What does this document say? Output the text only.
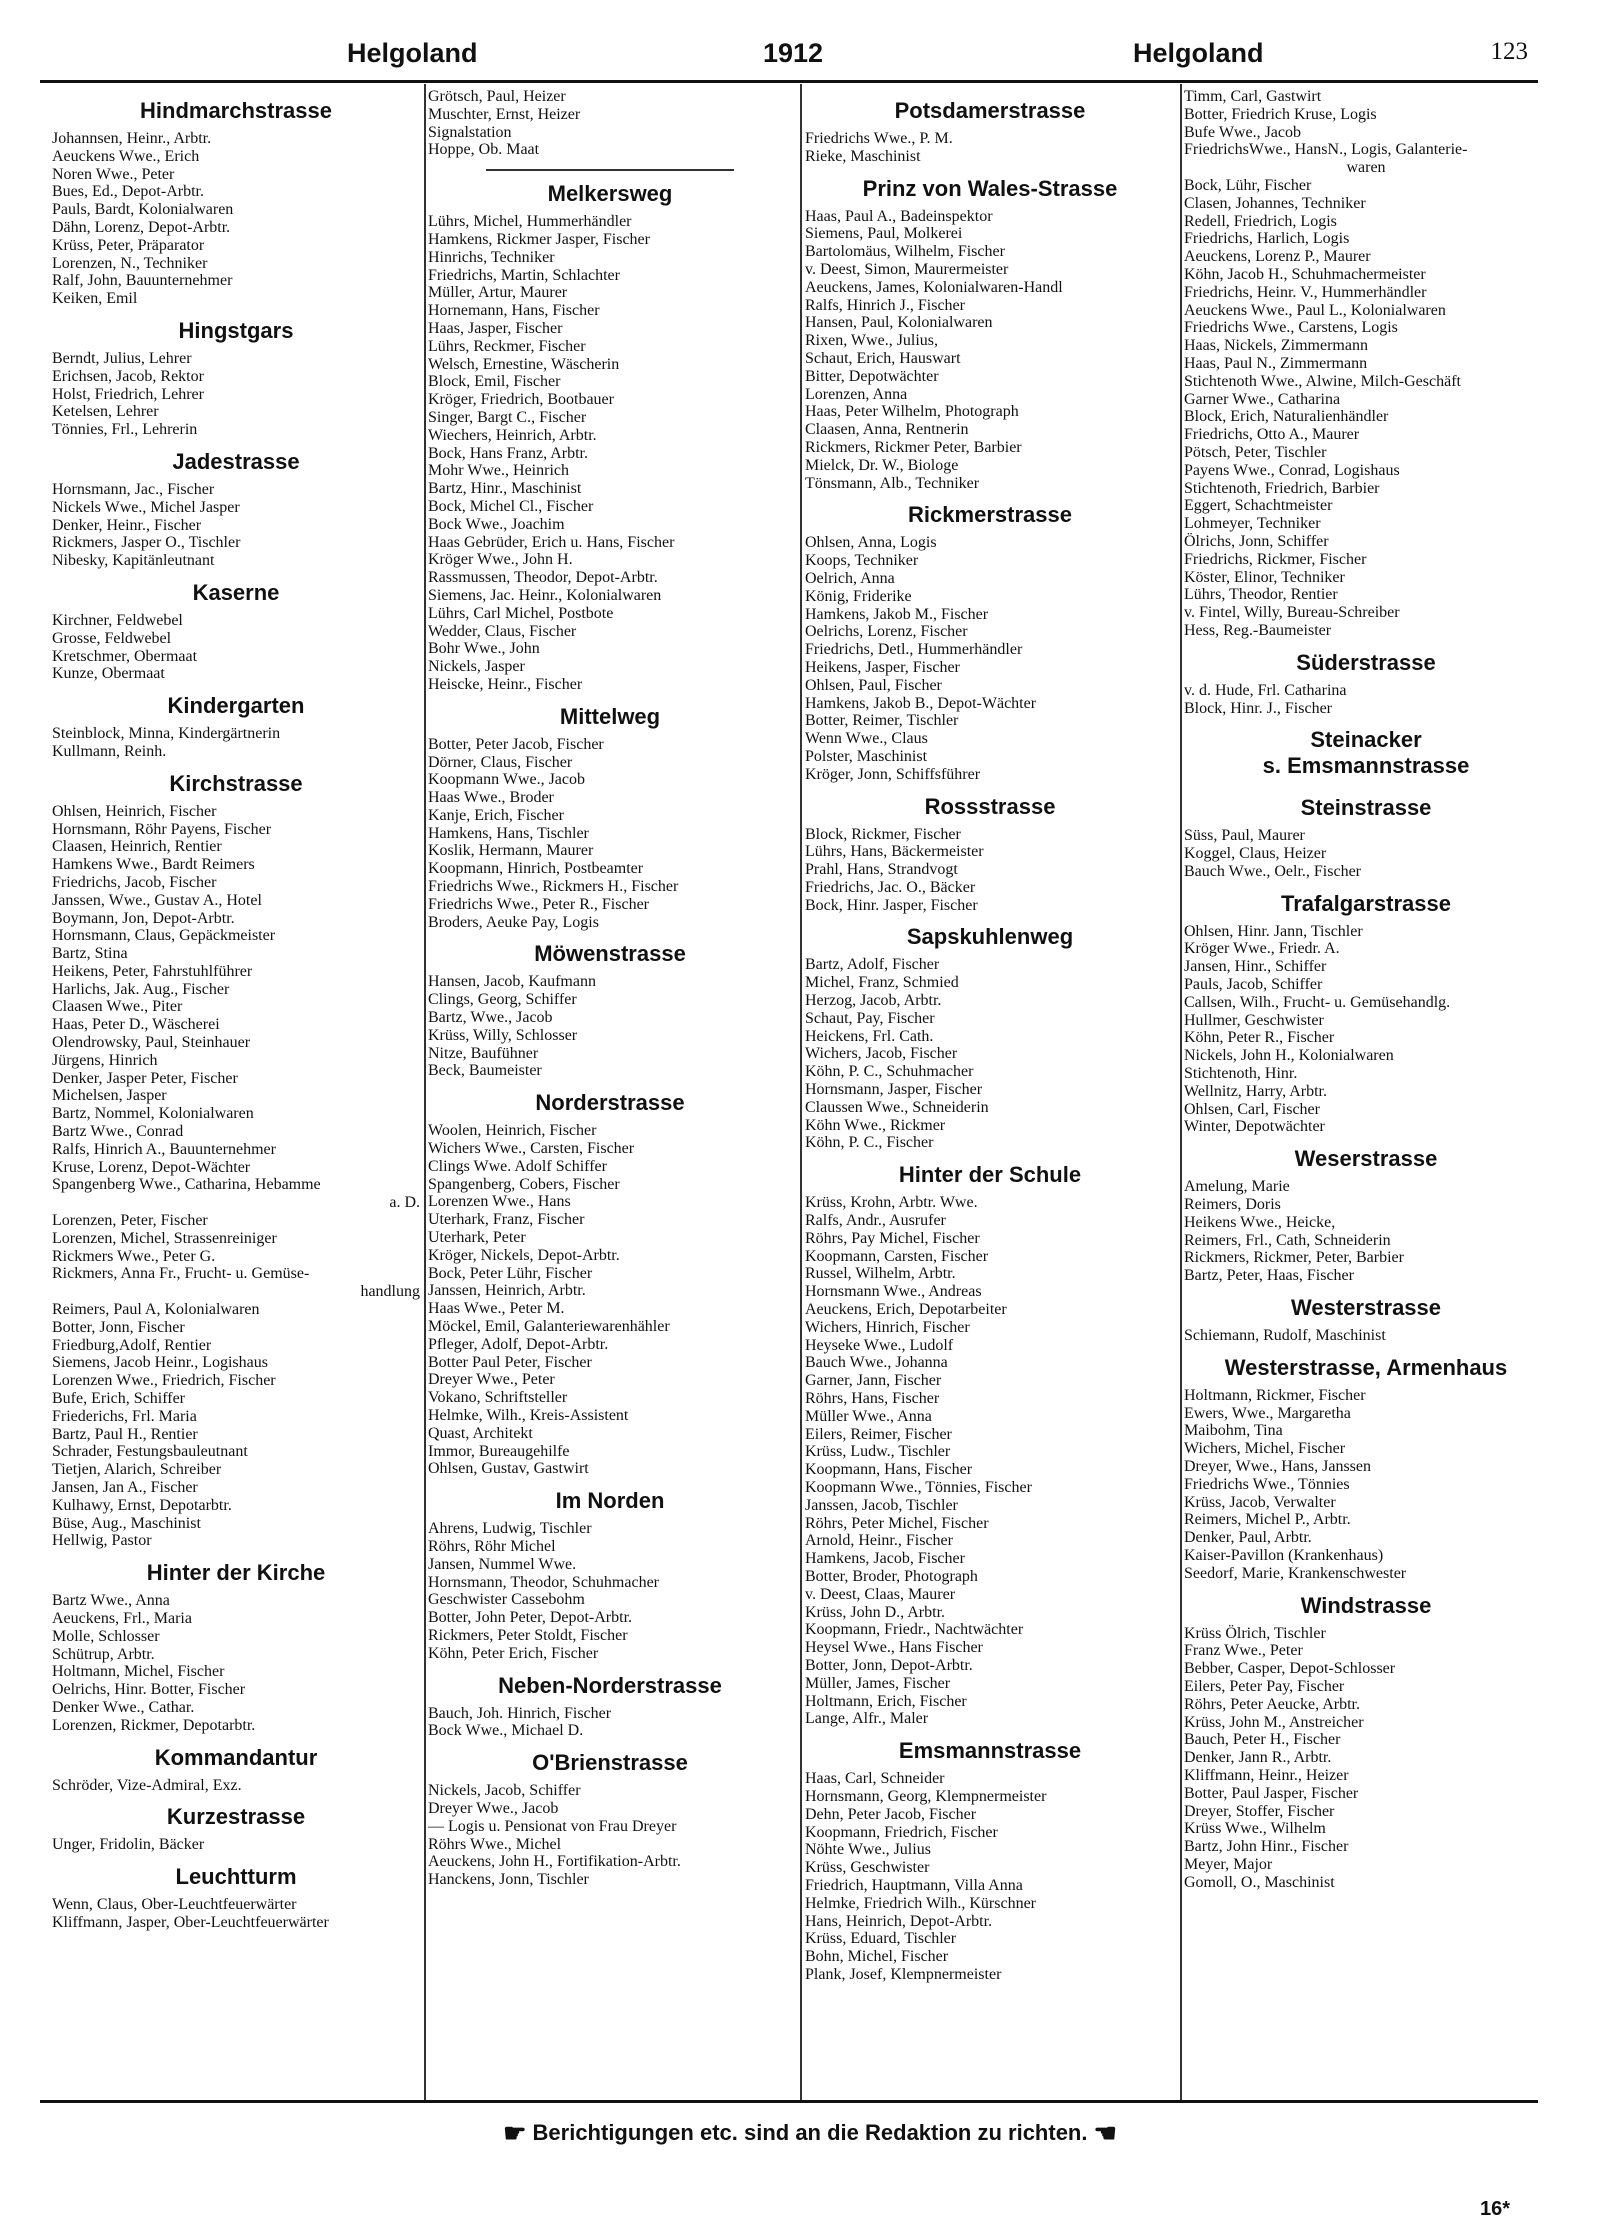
Helgoland	1912	Helgoland	123
Hindmarchstrasse
Johannsen, Heinr., Arbtr.
Aeuckens Wwe., Erich
Noren Wwe., Peter
Bues, Ed., Depot-Arbtr.
Pauls, Bardt, Kolonialwaren
Dähn, Lorenz, Depot-Arbtr.
Krüss, Peter, Präparator
Lorenzen, N., Techniker
Ralf, John, Bauunternehmer
Keiken, Emil
Hingstgars
Berndt, Julius, Lehrer
Erichsen, Jacob, Rektor
Holst, Friedrich, Lehrer
Ketelsen, Lehrer
Tönnies, Frl., Lehrerin
Jadestrasse
Hornsmann, Jac., Fischer
Nickels Wwe., Michel Jasper
Denker, Heinr., Fischer
Rickmers, Jasper O., Tischler
Nibesky, Kapitänleutnant
Kaserne
Kirchner, Feldwebel
Grosse, Feldwebel
Kretschmer, Obermaat
Kunze, Obermaat
Kindergarten
Steinblock, Minna, Kindergärtnerin
Kullmann, Reinh.
Kirchstrasse
Ohlsen, Heinrich, Fischer
Hornsmann, Röhr Payens, Fischer
Claasen, Heinrich, Rentier
Hamkens Wwe., Bardt Reimers
Friedrichs, Jacob, Fischer
Janssen, Wwe., Gustav A., Hotel
Boymann, Jon, Depot-Arbtr.
Hornsmann, Claus, Gepäckmeister
Bartz, Stina
Heikens, Peter, Fahrstuhlführer
Harlichs, Jak. Aug., Fischer
Claasen Wwe., Piter
Haas, Peter D., Wäscherei
Olendrowsky, Paul, Steinhauer
Jürgens, Hinrich
Denker, Jasper Peter, Fischer
Michelsen, Jasper
Bartz, Nommel, Kolonialwaren
Bartz Wwe., Conrad
Ralfs, Hinrich A., Bauunternehmer
Kruse, Lorenz, Depot-Wächter
Spangenberg Wwe., Catharina, Hebamme
a. D.
Lorenzen, Peter, Fischer
Lorenzen, Michel, Strassenreiniger
Rickmers Wwe., Peter G.
Rickmers, Anna Fr., Frucht- u. Gemüse-
handlung
Reimers, Paul A, Kolonialwaren
Botter, Jonn, Fischer
Friedburg,Adolf, Rentier
Siemens, Jacob Heinr., Logishaus
Lorenzen Wwe., Friedrich, Fischer
Bufe, Erich, Schiffer
Friederichs, Frl. Maria
Bartz, Paul H., Rentier
Schrader, Festungsbauleutnant
Tietjen, Alarich, Schreiber
Jansen, Jan A., Fischer
Kulhawy, Ernst, Depotarbtr.
Büse, Aug., Maschinist
Hellwig, Pastor
Hinter der Kirche
Bartz Wwe., Anna
Aeuckens, Frl., Maria
Molle, Schlosser
Schütrup, Arbtr.
Holtmann, Michel, Fischer
Oelrichs, Hinr. Botter, Fischer
Denker Wwe., Cathar.
Lorenzen, Rickmer, Depotarbtr.
Kommandantur
Schröder, Vize-Admiral, Exz.
Kurzestrasse
Unger, Fridolin, Bäcker
Leuchtturm
Wenn, Claus, Ober-Leuchtfeuerwärter
Kliffmann, Jasper, Ober-Leuchtfeuerwärter
Grötsch, Paul, Heizer
Muschter, Ernst, Heizer
Signalstation
Hoppe, Ob. Maat
Melkersweg
Lührs, Michel, Hummerhändler
Hamkens, Rickmer Jasper, Fischer
Hinrichs, Techniker
Friedrichs, Martin, Schlachter
Müller, Artur, Maurer
Hornemann, Hans, Fischer
Haas, Jasper, Fischer
Lührs, Reckmer, Fischer
Welsch, Ernestine, Wäscherin
Block, Emil, Fischer
Kröger, Friedrich, Bootbauer
Singer, Bargt C., Fischer
Wiechers, Heinrich, Arbtr.
Bock, Hans Franz, Arbtr.
Mohr Wwe., Heinrich
Bartz, Hinr., Maschinist
Bock, Michel Cl., Fischer
Bock Wwe., Joachim
Haas Gebrüder, Erich u. Hans, Fischer
Kröger Wwe., John H.
Rassmussen, Theodor, Depot-Arbtr.
Siemens, Jac. Heinr., Kolonialwaren
Lührs, Carl Michel, Postbote
Wedder, Claus, Fischer
Bohr Wwe., John
Nickels, Jasper
Heiscke, Heinr., Fischer
Mittelweg
Botter, Peter Jacob, Fischer
Dörner, Claus, Fischer
Koopmann Wwe., Jacob
Haas Wwe., Broder
Kanje, Erich, Fischer
Hamkens, Hans, Tischler
Koslik, Hermann, Maurer
Koopmann, Hinrich, Postbeamter
Friedrichs Wwe., Rickmers H., Fischer
Friedrichs Wwe., Peter R., Fischer
Broders, Aeuke Pay, Logis
Möwenstrasse
Hansen, Jacob, Kaufmann
Clings, Georg, Schiffer
Bartz, Wwe., Jacob
Krüss, Willy, Schlosser
Nitze, Baufühner
Beck, Baumeister
Norderstrasse
Woolen, Heinrich, Fischer
Wichers Wwe., Carsten, Fischer
Clings Wwe. Adolf Schiffer
Spangenberg, Cobers, Fischer
Lorenzen Wwe., Hans
Uterhark, Franz, Fischer
Uterhark, Peter
Kröger, Nickels, Depot-Arbtr.
Bock, Peter Lühr, Fischer
Janssen, Heinrich, Arbtr.
Haas Wwe., Peter M.
Möckel, Emil, Galanteriewarenhähler
Pfleger, Adolf, Depot-Arbtr.
Botter Paul Peter, Fischer
Dreyer Wwe., Peter
Vokano, Schriftsteller
Helmke, Wilh., Kreis-Assistent
Quast, Architekt
Immor, Bureaugehilfe
Ohlsen, Gustav, Gastwirt
Im Norden
Ahrens, Ludwig, Tischler
Röhrs, Röhr Michel
Jansen, Nummel Wwe.
Hornsmann, Theodor, Schuhmacher
Geschwister Cassebohm
Botter, John Peter, Depot-Arbtr.
Rickmers, Peter Stoldt, Fischer
Köhn, Peter Erich, Fischer
Neben-Norderstrasse
Bauch, Joh. Hinrich, Fischer
Bock Wwe., Michael D.
O'Brienstrasse
Nickels, Jacob, Schiffer
Dreyer Wwe., Jacob
— Logis u. Pensionat von Frau Dreyer
Röhrs Wwe., Michel
Aeuckens, John H., Fortifikation-Arbtr.
Hanckens, Jonn, Tischler
Potsdamerstrasse
Friedrichs Wwe., P. M.
Rieke, Maschinist
Prinz von Wales-Strasse
Haas, Paul A., Badeinspektor
Siemens, Paul, Molkerei
Bartolomäus, Wilhelm, Fischer
v. Deest, Simon, Maurermeister
Aeuckens, James, Kolonialwaren-Handl
Ralfs, Hinrich J., Fischer
Hansen, Paul, Kolonialwaren
Rixen, Wwe., Julius,
Schaut, Erich, Hauswart
Bitter, Depotwächter
Lorenzen, Anna
Haas, Peter Wilhelm, Photograph
Claasen, Anna, Rentnerin
Rickmers, Rickmer Peter, Barbier
Mielck, Dr. W., Biologe
Tönsmann, Alb., Techniker
Rickmerstrasse
Ohlsen, Anna, Logis
Koops, Techniker
Oelrich, Anna
König, Friderike
Hamkens, Jakob M., Fischer
Oelrichs, Lorenz, Fischer
Friedrichs, Detl., Hummerhändler
Heikens, Jasper, Fischer
Ohlsen, Paul, Fischer
Hamkens, Jakob B., Depot-Wächter
Botter, Reimer, Tischler
Wenn Wwe., Claus
Polster, Maschinist
Kröger, Jonn, Schiffsführer
Rossstrasse
Block, Rickmer, Fischer
Lührs, Hans, Bäckermeister
Prahl, Hans, Strandvogt
Friedrichs, Jac. O., Bäcker
Bock, Hinr. Jasper, Fischer
Sapskuhlenweg
Bartz, Adolf, Fischer
Michel, Franz, Schmied
Herzog, Jacob, Arbtr.
Schaut, Pay, Fischer
Heickens, Frl. Cath.
Wichers, Jacob, Fischer
Köhn, P. C., Schuhmacher
Hornsmann, Jasper, Fischer
Claussen Wwe., Schneiderin
Köhn Wwe., Rickmer
Köhn, P. C., Fischer
Hinter der Schule
Krüss, Krohn, Arbtr. Wwe.
Ralfs, Andr., Ausrufer
Röhrs, Pay Michel, Fischer
Koopmann, Carsten, Fischer
Russel, Wilhelm, Arbtr.
Hornsmann Wwe., Andreas
Aeuckens, Erich, Depotarbeiter
Wichers, Hinrich, Fischer
Heyseke Wwe., Ludolf
Bauch Wwe., Johanna
Garner, Jann, Fischer
Röhrs, Hans, Fischer
Müller Wwe., Anna
Eilers, Reimer, Fischer
Krüss, Ludw., Tischler
Koopmann, Hans, Fischer
Koopmann Wwe., Tönnies, Fischer
Janssen, Jacob, Tischler
Röhrs, Peter Michel, Fischer
Arnold, Heinr., Fischer
Hamkens, Jacob, Fischer
Botter, Broder, Photograph
v. Deest, Claas, Maurer
Krüss, John D., Arbtr.
Koopmann, Friedr., Nachtwächter
Heysel Wwe., Hans Fischer
Botter, Jonn, Depot-Arbtr.
Müller, James, Fischer
Holtmann, Erich, Fischer
Lange, Alfr., Maler
Emsmannstrasse
Haas, Carl, Schneider
Hornsmann, Georg, Klempnermeister
Dehn, Peter Jacob, Fischer
Koopmann, Friedrich, Fischer
Nöhte Wwe., Julius
Krüss, Geschwister
Friedrich, Hauptmann, Villa Anna
Helmke, Friedrich Wilh., Kürschner
Hans, Heinrich, Depot-Arbtr.
Krüss, Eduard, Tischler
Bohn, Michel, Fischer
Plank, Josef, Klempnermeister
Timm, Carl, Gastwirt
Botter, Friedrich Kruse, Logis
Bufe Wwe., Jacob
FriedrichsWwe., HansN., Logis, Galanterie-
waren
Bock, Lühr, Fischer
Clasen, Johannes, Techniker
Redell, Friedrich, Logis
Friedrichs, Harlich, Logis
Aeuckens, Lorenz P., Maurer
Köhn, Jacob H., Schuhmachermeister
Friedrichs, Heinr. V., Hummerhändler
Aeuckens Wwe., Paul L., Kolonialwaren
Friedrichs Wwe., Carstens, Logis
Haas, Nickels, Zimmermann
Haas, Paul N., Zimmermann
Stichtenoth Wwe., Alwine, Milch-Geschäft
Garner Wwe., Catharina
Block, Erich, Naturalienhändler
Friedrichs, Otto A., Maurer
Pötsch, Peter, Tischler
Payens Wwe., Conrad, Logishaus
Stichtenoth, Friedrich, Barbier
Eggert, Schachtmeister
Lohmeyer, Techniker
Ölrichs, Jonn, Schiffer
Friedrichs, Rickmer, Fischer
Köster, Elinor, Techniker
Lührs, Theodor, Rentier
v. Fintel, Willy, Bureau-Schreiber
Hess, Reg.-Baumeister
Süderstrasse
v. d. Hude, Frl. Catharina
Block, Hinr. J., Fischer
Steinacker
s. Emsmannstrasse
Steinstrasse
Süss, Paul, Maurer
Koggel, Claus, Heizer
Bauch Wwe., Oelr., Fischer
Trafalgarstrasse
Ohlsen, Hinr. Jann, Tischler
Kröger Wwe., Friedr. A.
Jansen, Hinr., Schiffer
Pauls, Jacob, Schiffer
Callsen, Wilh., Frucht- u. Gemüsehandlg.
Hullmer, Geschwister
Köhn, Peter R., Fischer
Nickels, John H., Kolonialwaren
Stichtenoth, Hinr.
Wellnitz, Harry, Arbtr.
Ohlsen, Carl, Fischer
Winter, Depotwächter
Weserstrasse
Amelung, Marie
Reimers, Doris
Heikens Wwe., Heicke,
Reimers, Frl., Cath, Schneiderin
Rickmers, Rickmer, Peter, Barbier
Bartz, Peter, Haas, Fischer
Westerstrasse
Schiemann, Rudolf, Maschinist
Westerstrasse, Armenhaus
Holtmann, Rickmer, Fischer
Ewers, Wwe., Margaretha
Maibohm, Tina
Wichers, Michel, Fischer
Dreyer, Wwe., Hans, Janssen
Friedrichs Wwe., Tönnies
Krüss, Jacob, Verwalter
Reimers, Michel P., Arbtr.
Denker, Paul, Arbtr.
Kaiser-Pavillon (Krankenhaus)
Seedorf, Marie, Krankenschwester
Windstrasse
Krüss Ölrich, Tischler
Franz Wwe., Peter
Bebber, Casper, Depot-Schlosser
Eilers, Peter Pay, Fischer
Röhrs, Peter Aeucke, Arbtr.
Krüss, John M., Anstreicher
Bauch, Peter H., Fischer
Denker, Jann R., Arbtr.
Kliffmann, Heinr., Heizer
Botter, Paul Jasper, Fischer
Dreyer, Stoffer, Fischer
Krüss Wwe., Wilhelm
Bartz, John Hinr., Fischer
Meyer, Major
Gomoll, O., Maschinist
☛ Berichtigungen etc. sind an die Redaktion zu richten. ☚
16*
